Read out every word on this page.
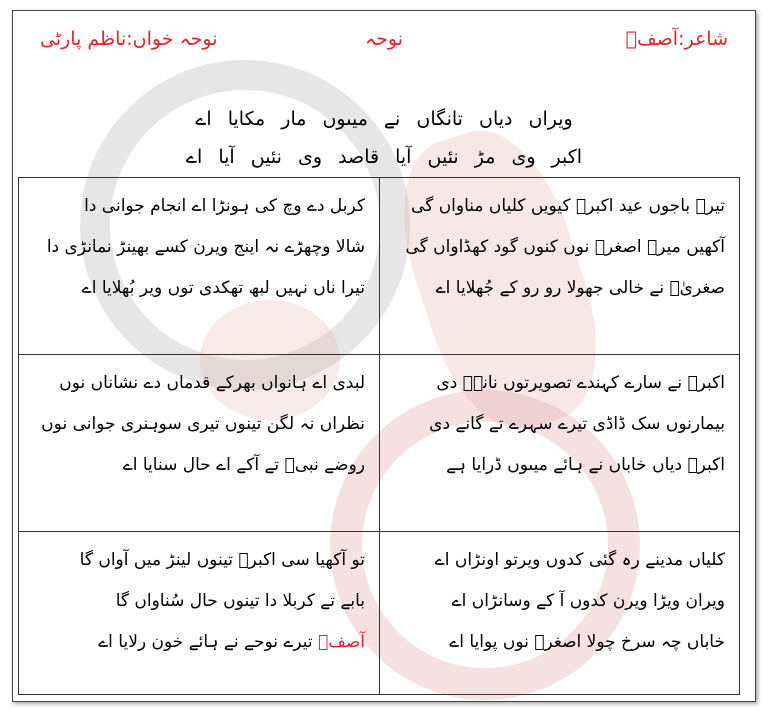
شاعر:آصفؔ
نوحہ
نوحہ خواں:ناظم پارٹی
ویراں دیاں تانگاں نے میں‍وں مار مکایا اے
اکبر وی مڑ نئیں آیا قاصد وی نئیں آیا اے
تیرے باجوں عید اکبرؑ کیویں کلیاں مناواں گی
آکھیں میرے اصغرؑ نوں کنوں گود کھڈاواں گی
صغریٰؑ نے خالی جھولا رو رو کے جُھلایا اے
کربل دے وچ کی ہونڑا اے انجام جوانی دا
شالا وچھڑے نہ اینج ویرن کسے بھینڑ نمانڑی دا
تیرا ناں نہیں لبھ تھکدی توں ویر بُھلایا اے
اکبرؑ نے سارے کہندے تصویرتوں نانےؐ دی
بیمارنوں سک ڈاڈی تیرے سہرے تے گانے دی
اکبرؑ دیاں خاباں نے ہائے میں‍وں ڈرایا ہے
لبدی اے ہانواں بھرکے قدماں دے نشاناں نوں
نظراں نہ لگن تینوں تیری سوہنری جوانی نوں
روضے نبیؐ تے آکے اے حال سنایا اے
کلیاں مدینے رہ گئی کدوں ویرتو اونڑاں اے
ویران ویڑا ویرن کدوں آ کے وسانڑاں اے
خاباں چہ سرخ چولا اصغرؑ نوں پوایا اے
تو آکھیا سی اکبرؑ تینوں لینڑ میں آواں گا
بابے تے کربلا دا تینوں حال سُناواں گا
آصفؔ تیرے نوحے نے ہائے خون رلایا اے
